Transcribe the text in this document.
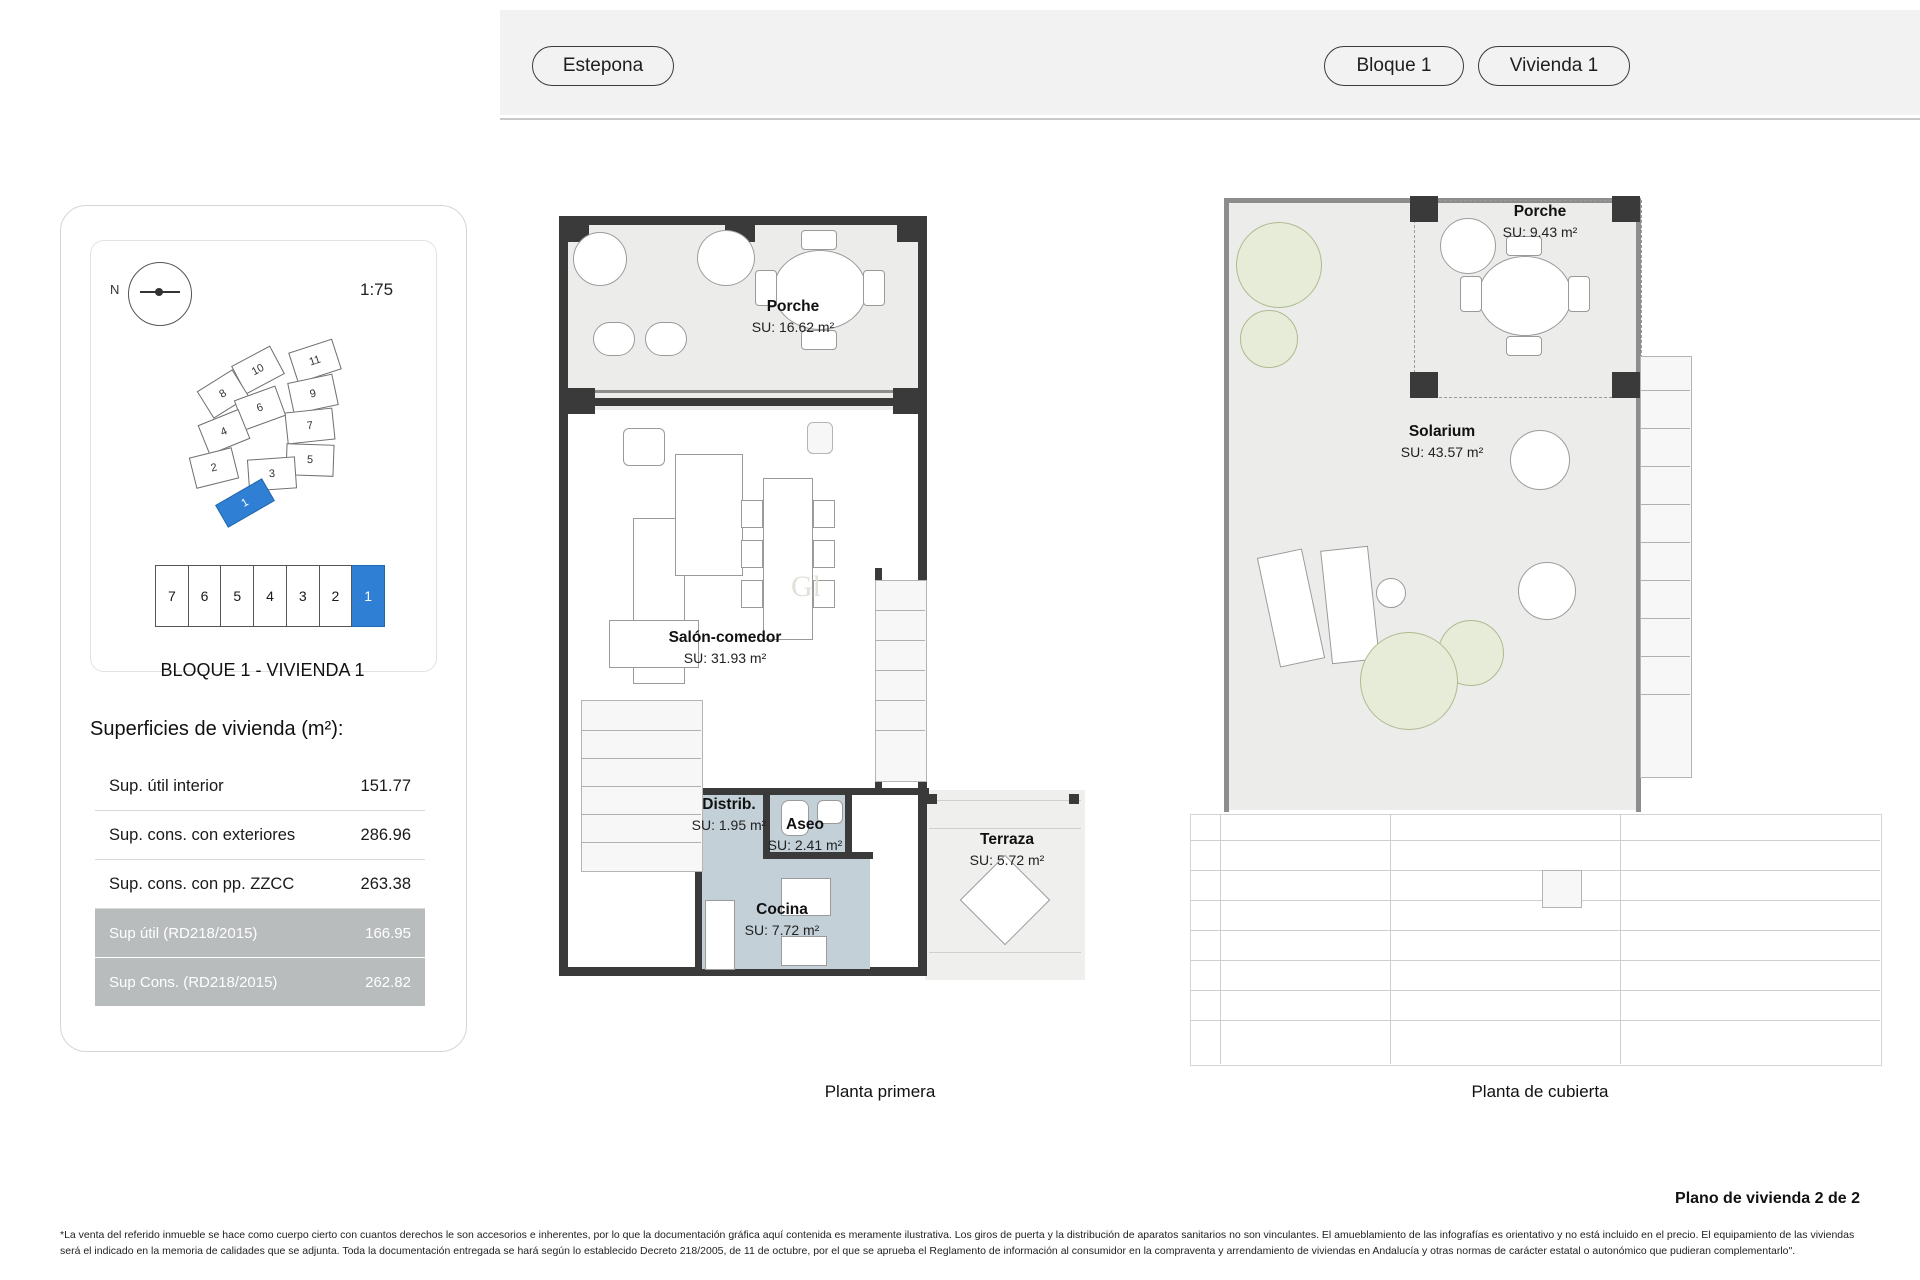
Estepona	Bloque 1	Vivienda 1
1:75
N
11
10
9
8
7
6
5
4
3
2
1
7	6	5	4	3	2	1
BLOQUE 1 - VIVIENDA 1
Superficies de vivienda (m²):
Sup. útil interior	151.77
Sup. cons. con exteriores	286.96
Sup. cons. con pp. ZZCC	263.38
Sup útil (RD218/2015)	166.95
Sup Cons. (RD218/2015)	262.82
Gl
Porche
SU: 16.62 m²
Salón-comedor
SU: 31.93 m²
Distrib.
SU: 1.95 m²	Aseo
SU: 2.41 m²
Cocina
SU: 7.72 m²
Terraza
SU: 5.72 m²
Planta primera
Porche
SU: 9.43 m²
Solarium
SU: 43.57 m²
Planta de cubierta
Plano de vivienda 2 de 2
*La venta del referido inmueble se hace como cuerpo cierto con cuantos derechos le son accesorios e inherentes, por lo que la documentación gráfica aquí contenida es meramente ilustrativa. Los giros de puerta y la distribución de aparatos sanitarios no son vinculantes. El amueblamiento de las infografías es orientativo y no está incluido en el precio. El equipamiento de las viviendas será el indicado en la memoria de calidades que se adjunta. Toda la documentación entregada se hará según lo establecido Decreto 218/2005, de 11 de octubre, por el que se aprueba el Reglamento de información al consumidor en la compraventa y arrendamiento de viviendas en Andalucía y otras normas de carácter estatal o autonómico que pudieran complementarlo".
